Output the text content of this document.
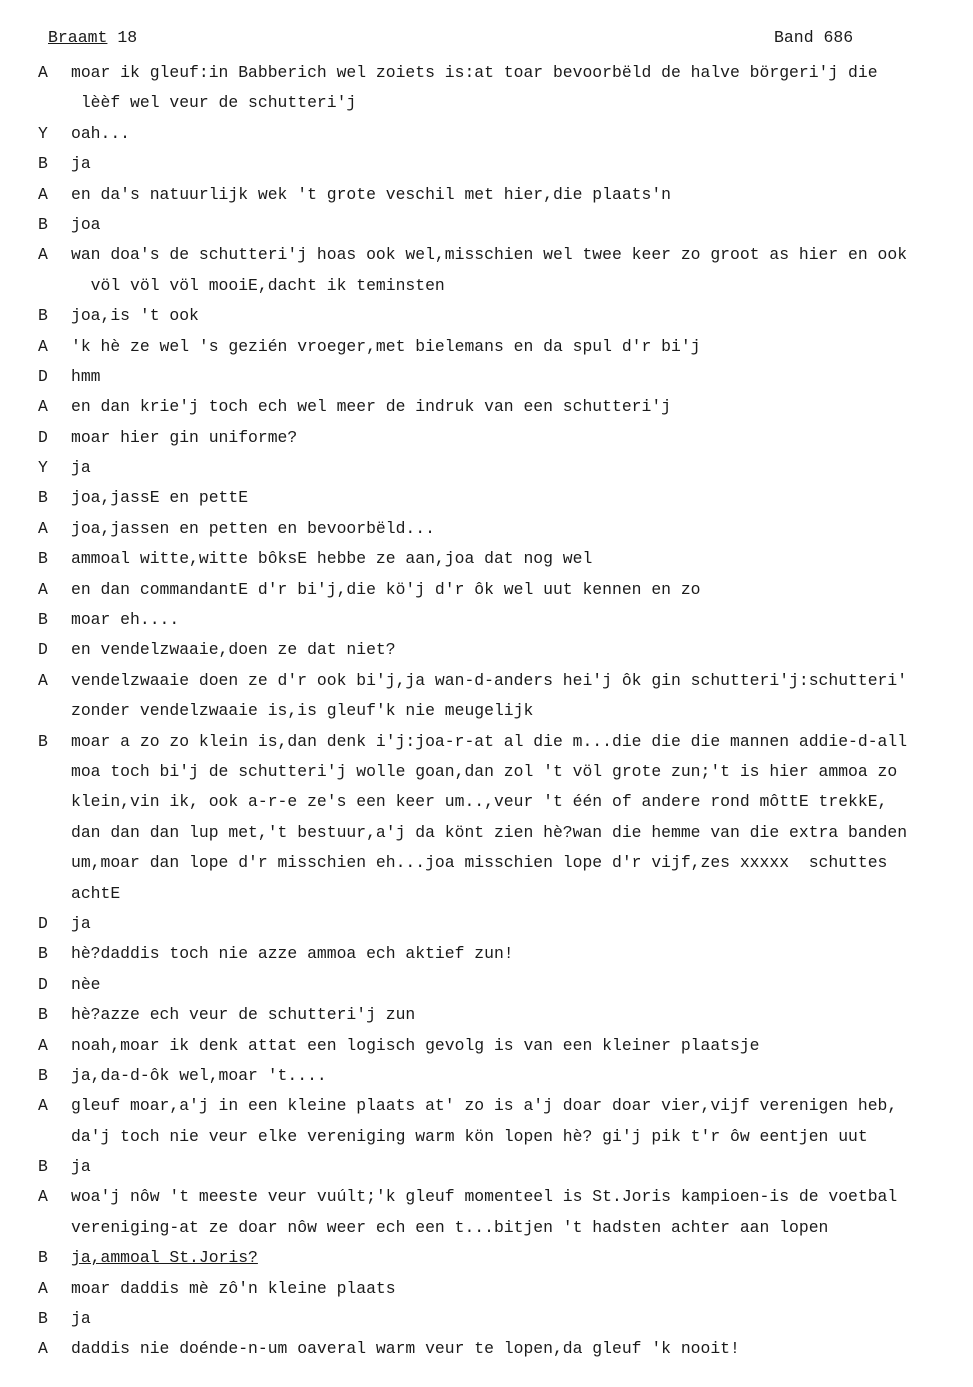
Braamt 18	Band 686
A	moar ik gleuf:in Babberich wel zoiets is:at toar bevoorbëld de halve börgeri'j die
lèèf wel veur de schutteri'j
Y	oah...
B	ja
A	en da's natuurlijk wek 't grote veschil met hier,die plaats'n
B	joa
A	wan doa's de schutteri'j hoas ook wel,misschien wel twee keer zo groot as hier en ook
völ völ völ mooiE,dacht ik teminsten
B	joa,is 't ook
A	'k hè ze wel 's gezién vroeger,met bielemans en da spul d'r bi'j
D	hmm
A	en dan krie'j toch ech wel meer de indruk van een schutteri'j
D	moar hier gin uniforme?
Y	ja
B	joa,jassE en pettE
A	joa,jassen en petten en bevoorbëld...
B	ammoal witte,witte bôksE hebbe ze aan,joa dat nog wel
A	en dan commandantE d'r bi'j,die kö'j d'r ôk wel uut kennen en zo
B	moar eh....
D	en vendelzwaaie,doen ze dat niet?
A	vendelzwaaie doen ze d'r ook bi'j,ja wan-d-anders hei'j ôk gin schutteri'j:schutteri'
zonder vendelzwaaie is,is gleuf'k nie meugelijk
B	moar a zo zo klein is,dan denk i'j:joa-r-at al die m...die die die mannen addie-d-all
moa toch bi'j de schutteri'j wolle goan,dan zol 't völ grote zun;'t is hier ammoa zo
klein,vin ik, ook a-r-e ze's een keer um..,veur 't één of andere rond môttE trekkE,
dan dan dan lup met,'t bestuur,a'j da könt zien hè?wan die hemme van die extra banden
um,moar dan lope d'r misschien eh...joa misschien lope d'r vijf,zes xxxxx  schuttes
achtE
D	ja
B	hè?daddis toch nie azze ammoa ech aktief zun!
D	nèe
B	hè?azze ech veur de schutteri'j zun
A	noah,moar ik denk attat een logisch gevolg is van een kleiner plaatsje
B	ja,da-d-ôk wel,moar 't....
A	gleuf moar,a'j in een kleine plaats at' zo is a'j doar doar vier,vijf verenigen heb,
da'j toch nie veur elke vereniging warm kön lopen hè? gi'j pik t'r ôw eentjen uut
B	ja
A	woa'j nôw 't meeste veur vuúlt;'k gleuf momenteel is St.Joris kampioen-is de voetbal
vereniging-at ze doar nôw weer ech een t...bitjen 't hadsten achter aan lopen
B	ja,ammoal St.Joris?
A	moar daddis mè zô'n kleine plaats
B	ja
A	daddis nie doénde-n-um oaveral warm veur te lopen,da gleuf 'k nooit!
